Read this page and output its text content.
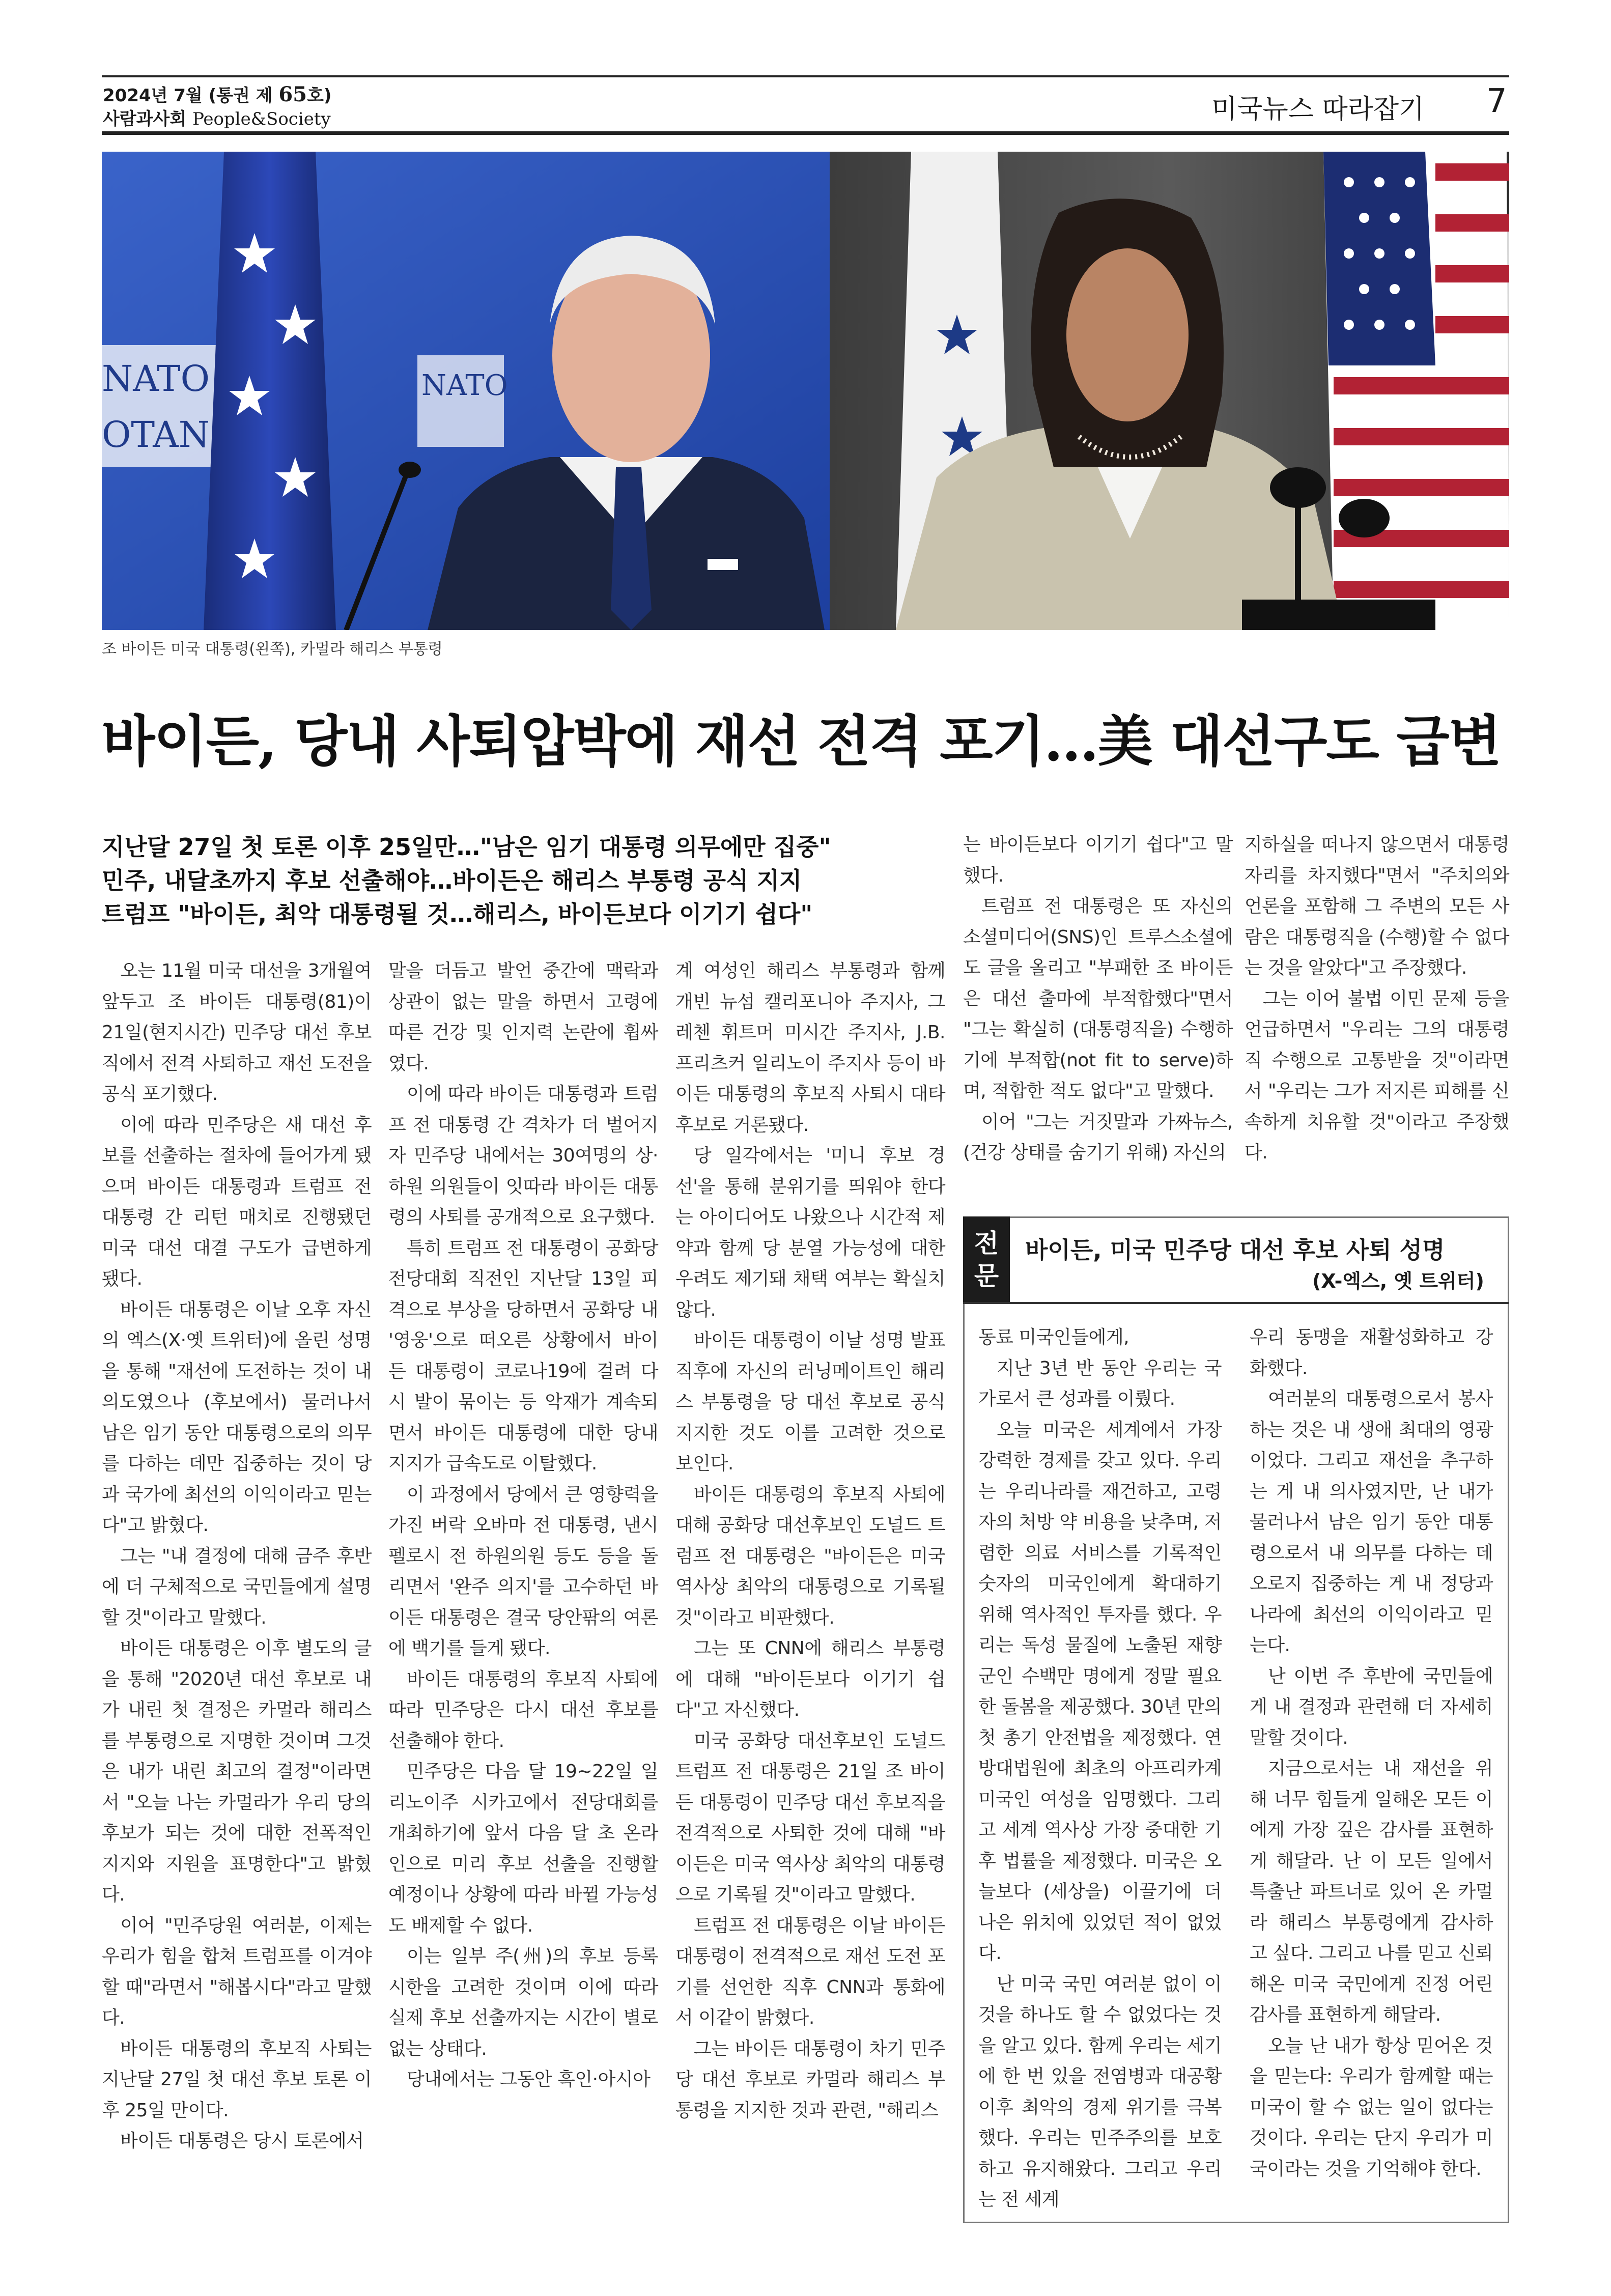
2024년 7월 (통권 제 65호)
사람과사회 People&Society	미국뉴스 따라잡기 7
NATO
OTAN
NATO
조 바이든 미국 대통령(왼쪽), 카멀라 해리스 부통령
바이든, 당내 사퇴압박에 재선 전격 포기…美 대선구도 급변
지난달 27일 첫 토론 이후 25일만…"남은 임기 대통령 의무에만 집중"
민주, 내달초까지 후보 선출해야…바이든은 해리스 부통령 공식 지지
트럼프 "바이든, 최악 대통령될 것…해리스, 바이든보다 이기기 쉽다"

오는 11월 미국 대선을 3개월여 앞두고 조 바이든 대통령(81)이 21일(현지시간) 민주당 대선 후보직에서 전격 사퇴하고 재선 도전을 공식 포기했다.

이에 따라 민주당은 새 대선 후보를 선출하는 절차에 들어가게 됐으며 바이든 대통령과 트럼프 전 대통령 간 리턴 매치로 진행됐던 미국 대선 대결 구도가 급변하게 됐다.

바이든 대통령은 이날 오후 자신의 엑스(X·옛 트위터)에 올린 성명을 통해 "재선에 도전하는 것이 내 의도였으나 (후보에서) 물러나서 남은 임기 동안 대통령으로의 의무를 다하는 데만 집중하는 것이 당과 국가에 최선의 이익이라고 믿는다"고 밝혔다.

그는 "내 결정에 대해 금주 후반에 더 구체적으로 국민들에게 설명할 것"이라고 말했다.

바이든 대통령은 이후 별도의 글을 통해 "2020년 대선 후보로 내가 내린 첫 결정은 카멀라 해리스를 부통령으로 지명한 것이며 그것은 내가 내린 최고의 결정"이라면서 "오늘 나는 카멀라가 우리 당의 후보가 되는 것에 대한 전폭적인 지지와 지원을 표명한다"고 밝혔다.

이어 "민주당원 여러분, 이제는 우리가 힘을 합쳐 트럼프를 이겨야 할 때"라면서 "해봅시다"라고 말했다.

바이든 대통령의 후보직 사퇴는 지난달 27일 첫 대선 후보 토론 이후 25일 만이다.

바이든 대통령은 당시 토론에서

말을 더듬고 발언 중간에 맥락과 상관이 없는 말을 하면서 고령에 따른 건강 및 인지력 논란에 휩싸였다.

이에 따라 바이든 대통령과 트럼프 전 대통령 간 격차가 더 벌어지자 민주당 내에서는 30여명의 상·하원 의원들이 잇따라 바이든 대통령의 사퇴를 공개적으로 요구했다.

특히 트럼프 전 대통령이 공화당 전당대회 직전인 지난달 13일 피격으로 부상을 당하면서 공화당 내 '영웅'으로 떠오른 상황에서 바이든 대통령이 코로나19에 걸려 다시 발이 묶이는 등 악재가 계속되면서 바이든 대통령에 대한 당내 지지가 급속도로 이탈했다.

이 과정에서 당에서 큰 영향력을 가진 버락 오바마 전 대통령, 낸시 펠로시 전 하원의원 등도 등을 돌리면서 '완주 의지'를 고수하던 바이든 대통령은 결국 당안팎의 여론에 백기를 들게 됐다.

바이든 대통령의 후보직 사퇴에 따라 민주당은 다시 대선 후보를 선출해야 한다.

민주당은 다음 달 19~22일 일리노이주 시카고에서 전당대회를 개최하기에 앞서 다음 달 초 온라인으로 미리 후보 선출을 진행할 예정이나 상황에 따라 바뀔 가능성도 배제할 수 없다.

이는 일부 주(州)의 후보 등록 시한을 고려한 것이며 이에 따라 실제 후보 선출까지는 시간이 별로 없는 상태다.

당내에서는 그동안 흑인·아시아

계 여성인 해리스 부통령과 함께 개빈 뉴섬 캘리포니아 주지사, 그레첸 휘트머 미시간 주지사, J.B. 프리츠커 일리노이 주지사 등이 바이든 대통령의 후보직 사퇴시 대타 후보로 거론됐다.

당 일각에서는 '미니 후보 경선'을 통해 분위기를 띄워야 한다는 아이디어도 나왔으나 시간적 제약과 함께 당 분열 가능성에 대한 우려도 제기돼 채택 여부는 확실치 않다.

바이든 대통령이 이날 성명 발표 직후에 자신의 러닝메이트인 해리스 부통령을 당 대선 후보로 공식 지지한 것도 이를 고려한 것으로 보인다.

바이든 대통령의 후보직 사퇴에 대해 공화당 대선후보인 도널드 트럼프 전 대통령은 "바이든은 미국 역사상 최악의 대통령으로 기록될 것"이라고 비판했다.

그는 또 CNN에 해리스 부통령에 대해 "바이든보다 이기기 쉽다"고 자신했다.

미국 공화당 대선후보인 도널드 트럼프 전 대통령은 21일 조 바이든 대통령이 민주당 대선 후보직을 전격적으로 사퇴한 것에 대해 "바이든은 미국 역사상 최악의 대통령으로 기록될 것"이라고 말했다.

트럼프 전 대통령은 이날 바이든 대통령이 전격적으로 재선 도전 포기를 선언한 직후 CNN과 통화에서 이같이 밝혔다.

그는 바이든 대통령이 차기 민주당 대선 후보로 카멀라 해리스 부통령을 지지한 것과 관련, "해리스

는 바이든보다 이기기 쉽다"고 말했다.

트럼프 전 대통령은 또 자신의 소셜미디어(SNS)인 트루스소셜에도 글을 올리고 "부패한 조 바이든은 대선 출마에 부적합했다"면서 "그는 확실히 (대통령직을) 수행하기에 부적합(not fit to serve)하며, 적합한 적도 없다"고 말했다.

이어 "그는 거짓말과 가짜뉴스, (건강 상태를 숨기기 위해) 자신의

지하실을 떠나지 않으면서 대통령 자리를 차지했다"면서 "주치의와 언론을 포함해 그 주변의 모든 사람은 대통령직을 (수행)할 수 없다는 것을 알았다"고 주장했다.

그는 이어 불법 이민 문제 등을 언급하면서 "우리는 그의 대통령직 수행으로 고통받을 것"이라면서 "우리는 그가 저지른 피해를 신속하게 치유할 것"이라고 주장했다.

전
문
바이든, 미국 민주당 대선 후보 사퇴 성명
(X-엑스, 옛 트위터)

동료 미국인들에게,

지난 3년 반 동안 우리는 국가로서 큰 성과를 이뤘다.

오늘 미국은 세계에서 가장 강력한 경제를 갖고 있다. 우리는 우리나라를 재건하고, 고령자의 처방 약 비용을 낮추며, 저렴한 의료 서비스를 기록적인 숫자의 미국인에게 확대하기 위해 역사적인 투자를 했다. 우리는 독성 물질에 노출된 재향군인 수백만 명에게 정말 필요한 돌봄을 제공했다. 30년 만의 첫 총기 안전법을 제정했다. 연방대법원에 최초의 아프리카계 미국인 여성을 임명했다. 그리고 세계 역사상 가장 중대한 기후 법률을 제정했다. 미국은 오늘보다 (세상을) 이끌기에 더 나은 위치에 있었던 적이 없었다.

난 미국 국민 여러분 없이 이것을 하나도 할 수 없었다는 것을 알고 있다. 함께 우리는 세기에 한 번 있을 전염병과 대공황 이후 최악의 경제 위기를 극복했다. 우리는 민주주의를 보호하고 유지해왔다. 그리고 우리는 전 세계

우리 동맹을 재활성화하고 강화했다.

여러분의 대통령으로서 봉사하는 것은 내 생애 최대의 영광이었다. 그리고 재선을 추구하는 게 내 의사였지만, 난 내가 물러나서 남은 임기 동안 대통령으로서 내 의무를 다하는 데 오로지 집중하는 게 내 정당과 나라에 최선의 이익이라고 믿는다.

난 이번 주 후반에 국민들에게 내 결정과 관련해 더 자세히 말할 것이다.

지금으로서는 내 재선을 위해 너무 힘들게 일해온 모든 이에게 가장 깊은 감사를 표현하게 해달라. 난 이 모든 일에서 특출난 파트너로 있어 온 카멀라 해리스 부통령에게 감사하고 싶다. 그리고 나를 믿고 신뢰해온 미국 국민에게 진정 어린 감사를 표현하게 해달라.

오늘 난 내가 항상 믿어온 것을 믿는다: 우리가 함께할 때는 미국이 할 수 없는 일이 없다는 것이다. 우리는 단지 우리가 미국이라는 것을 기억해야 한다.
